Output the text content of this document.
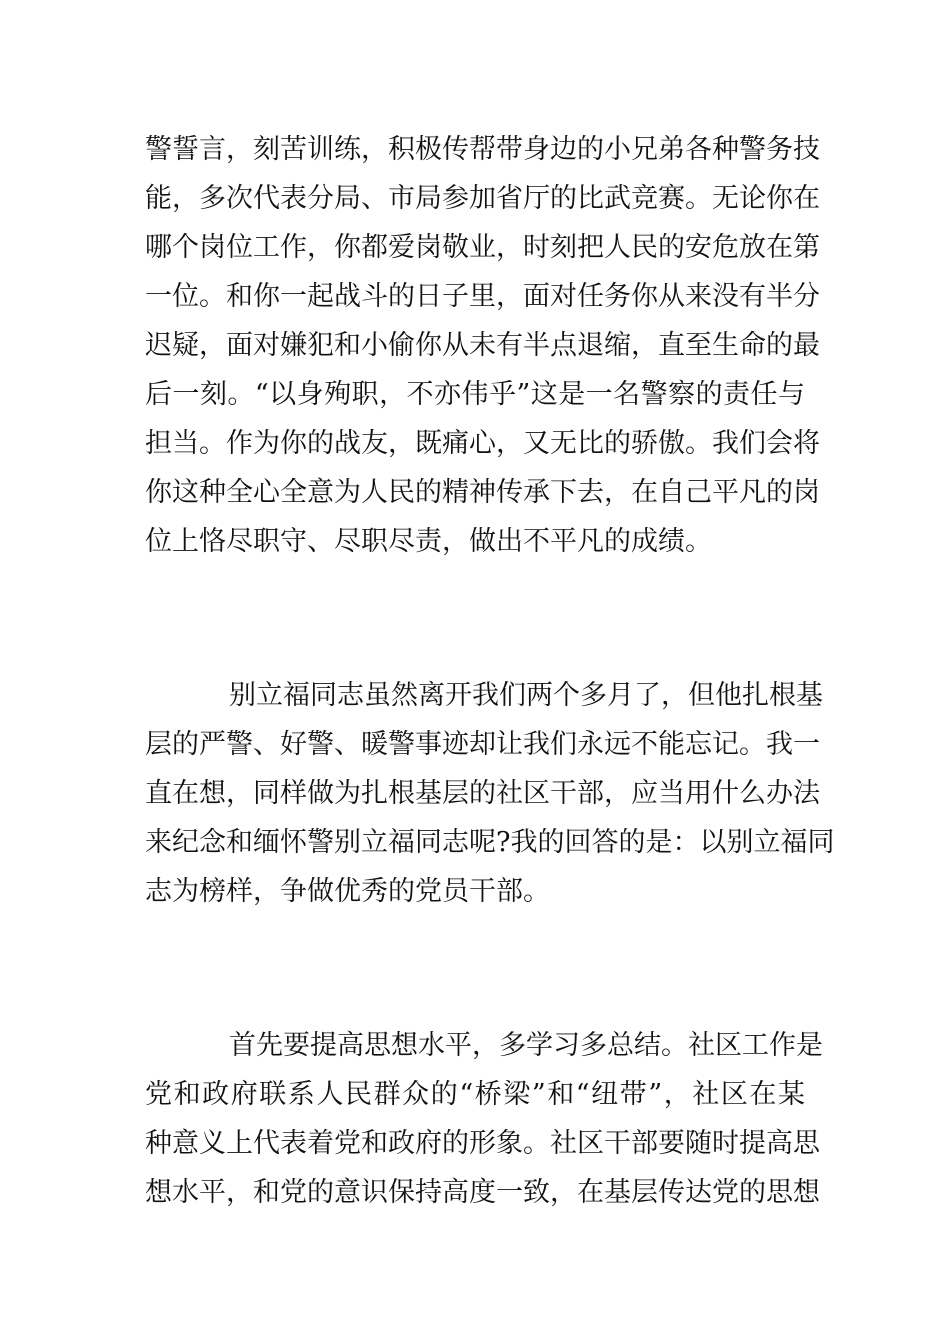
警誓言，刻苦训练，积极传帮带身边的小兄弟各种警务技
能，多次代表分局、市局参加省厅的比武竞赛。无论你在
哪个岗位工作，你都爱岗敬业，时刻把人民的安危放在第
一位。和你一起战斗的日子里，面对任务你从来没有半分
迟疑，面对嫌犯和小偷你从未有半点退缩，直至生命的最
后一刻。“以身殉职，不亦伟乎”这是一名警察的责任与
担当。作为你的战友，既痛心，又无比的骄傲。我们会将
你这种全心全意为人民的精神传承下去，在自己平凡的岗
位上恪尽职守、尽职尽责，做出不平凡的成绩。
别立福同志虽然离开我们两个多月了，但他扎根基
层的严警、好警、暖警事迹却让我们永远不能忘记。我一
直在想，同样做为扎根基层的社区干部，应当用什么办法
来纪念和缅怀警别立福同志呢?我的回答的是：以别立福同
志为榜样，争做优秀的党员干部。
首先要提高思想水平，多学习多总结。社区工作是
党和政府联系人民群众的“桥梁”和“纽带”，社区在某
种意义上代表着党和政府的形象。社区干部要随时提高思
想水平，和党的意识保持高度一致，在基层传达党的思想
